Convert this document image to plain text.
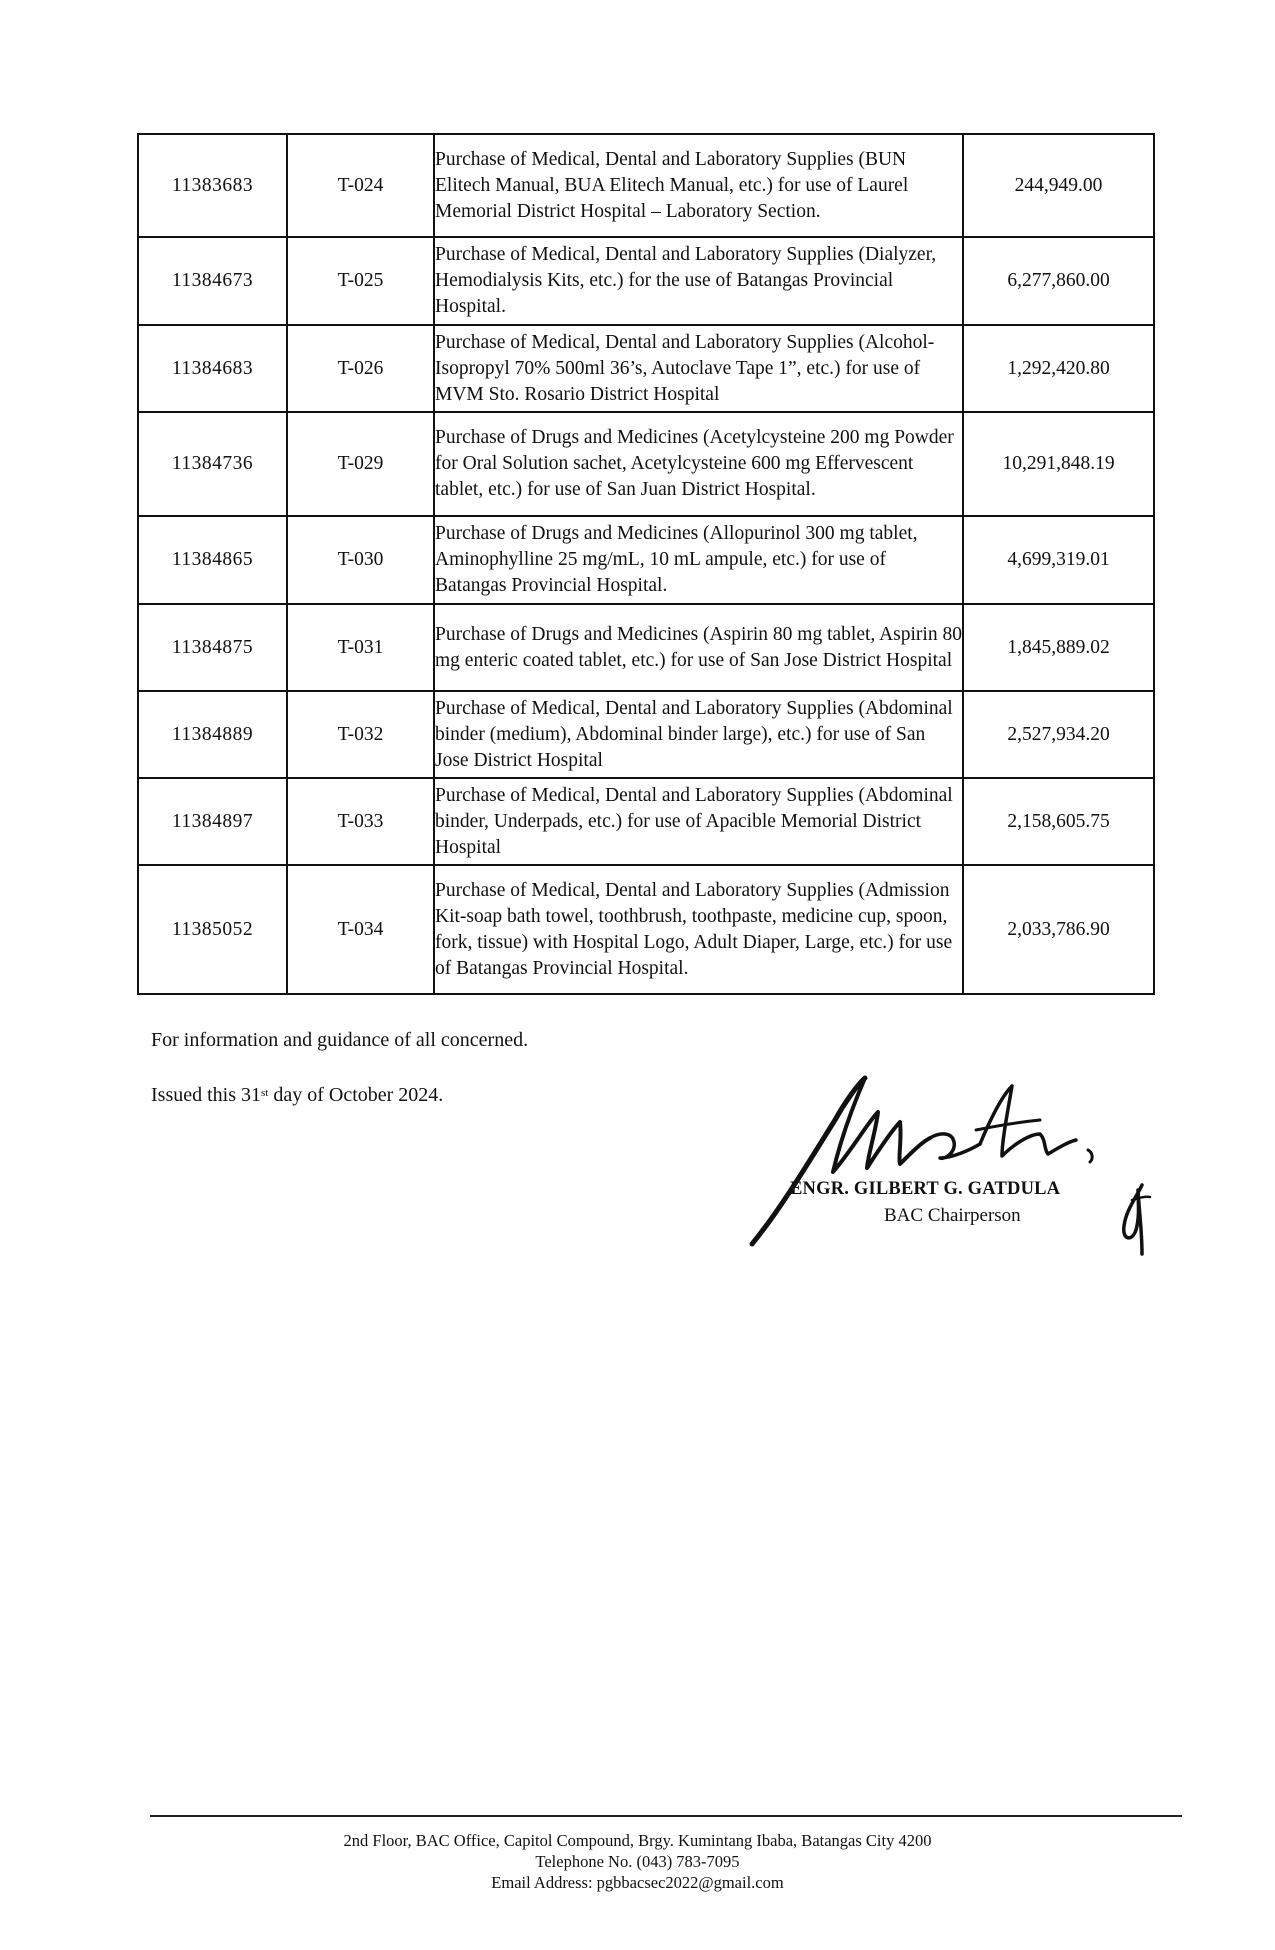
11383683	T-024	Purchase of Medical, Dental and Laboratory Supplies (BUN Elitech Manual, BUA Elitech Manual, etc.) for use of Laurel Memorial District Hospital – Laboratory Section.	244,949.00
11384673	T-025	Purchase of Medical, Dental and Laboratory Supplies (Dialyzer, Hemodialysis Kits, etc.) for the use of Batangas Provincial Hospital.	6,277,860.00
11384683	T-026	Purchase of Medical, Dental and Laboratory Supplies (Alcohol-Isopropyl 70% 500ml 36’s, Autoclave Tape 1”, etc.) for use of MVM Sto. Rosario District Hospital	1,292,420.80
11384736	T-029	Purchase of Drugs and Medicines (Acetylcysteine 200 mg Powder for Oral Solution sachet, Acetylcysteine 600 mg Effervescent tablet, etc.) for use of San Juan District Hospital.	10,291,848.19
11384865	T-030	Purchase of Drugs and Medicines (Allopurinol 300 mg tablet, Aminophylline 25 mg/mL, 10 mL ampule, etc.) for use of Batangas Provincial Hospital.	4,699,319.01
11384875	T-031	Purchase of Drugs and Medicines (Aspirin 80 mg tablet, Aspirin 80 mg enteric coated tablet, etc.) for use of San Jose District Hospital	1,845,889.02
11384889	T-032	Purchase of Medical, Dental and Laboratory Supplies (Abdominal binder (medium), Abdominal binder large), etc.) for use of San Jose District Hospital	2,527,934.20
11384897	T-033	Purchase of Medical, Dental and Laboratory Supplies (Abdominal binder, Underpads, etc.) for use of Apacible Memorial District Hospital	2,158,605.75
11385052	T-034	Purchase of Medical, Dental and Laboratory Supplies (Admission Kit-soap bath towel, toothbrush, toothpaste, medicine cup, spoon, fork, tissue) with Hospital Logo, Adult Diaper, Large, etc.) for use of Batangas Provincial Hospital.	2,033,786.90
For information and guidance of all concerned.
Issued this 31st day of October 2024.
ENGR. GILBERT G. GATDULA
BAC Chairperson
2nd Floor, BAC Office, Capitol Compound, Brgy. Kumintang Ibaba, Batangas City 4200
Telephone No. (043) 783-7095
Email Address: pgbbacsec2022@gmail.com
